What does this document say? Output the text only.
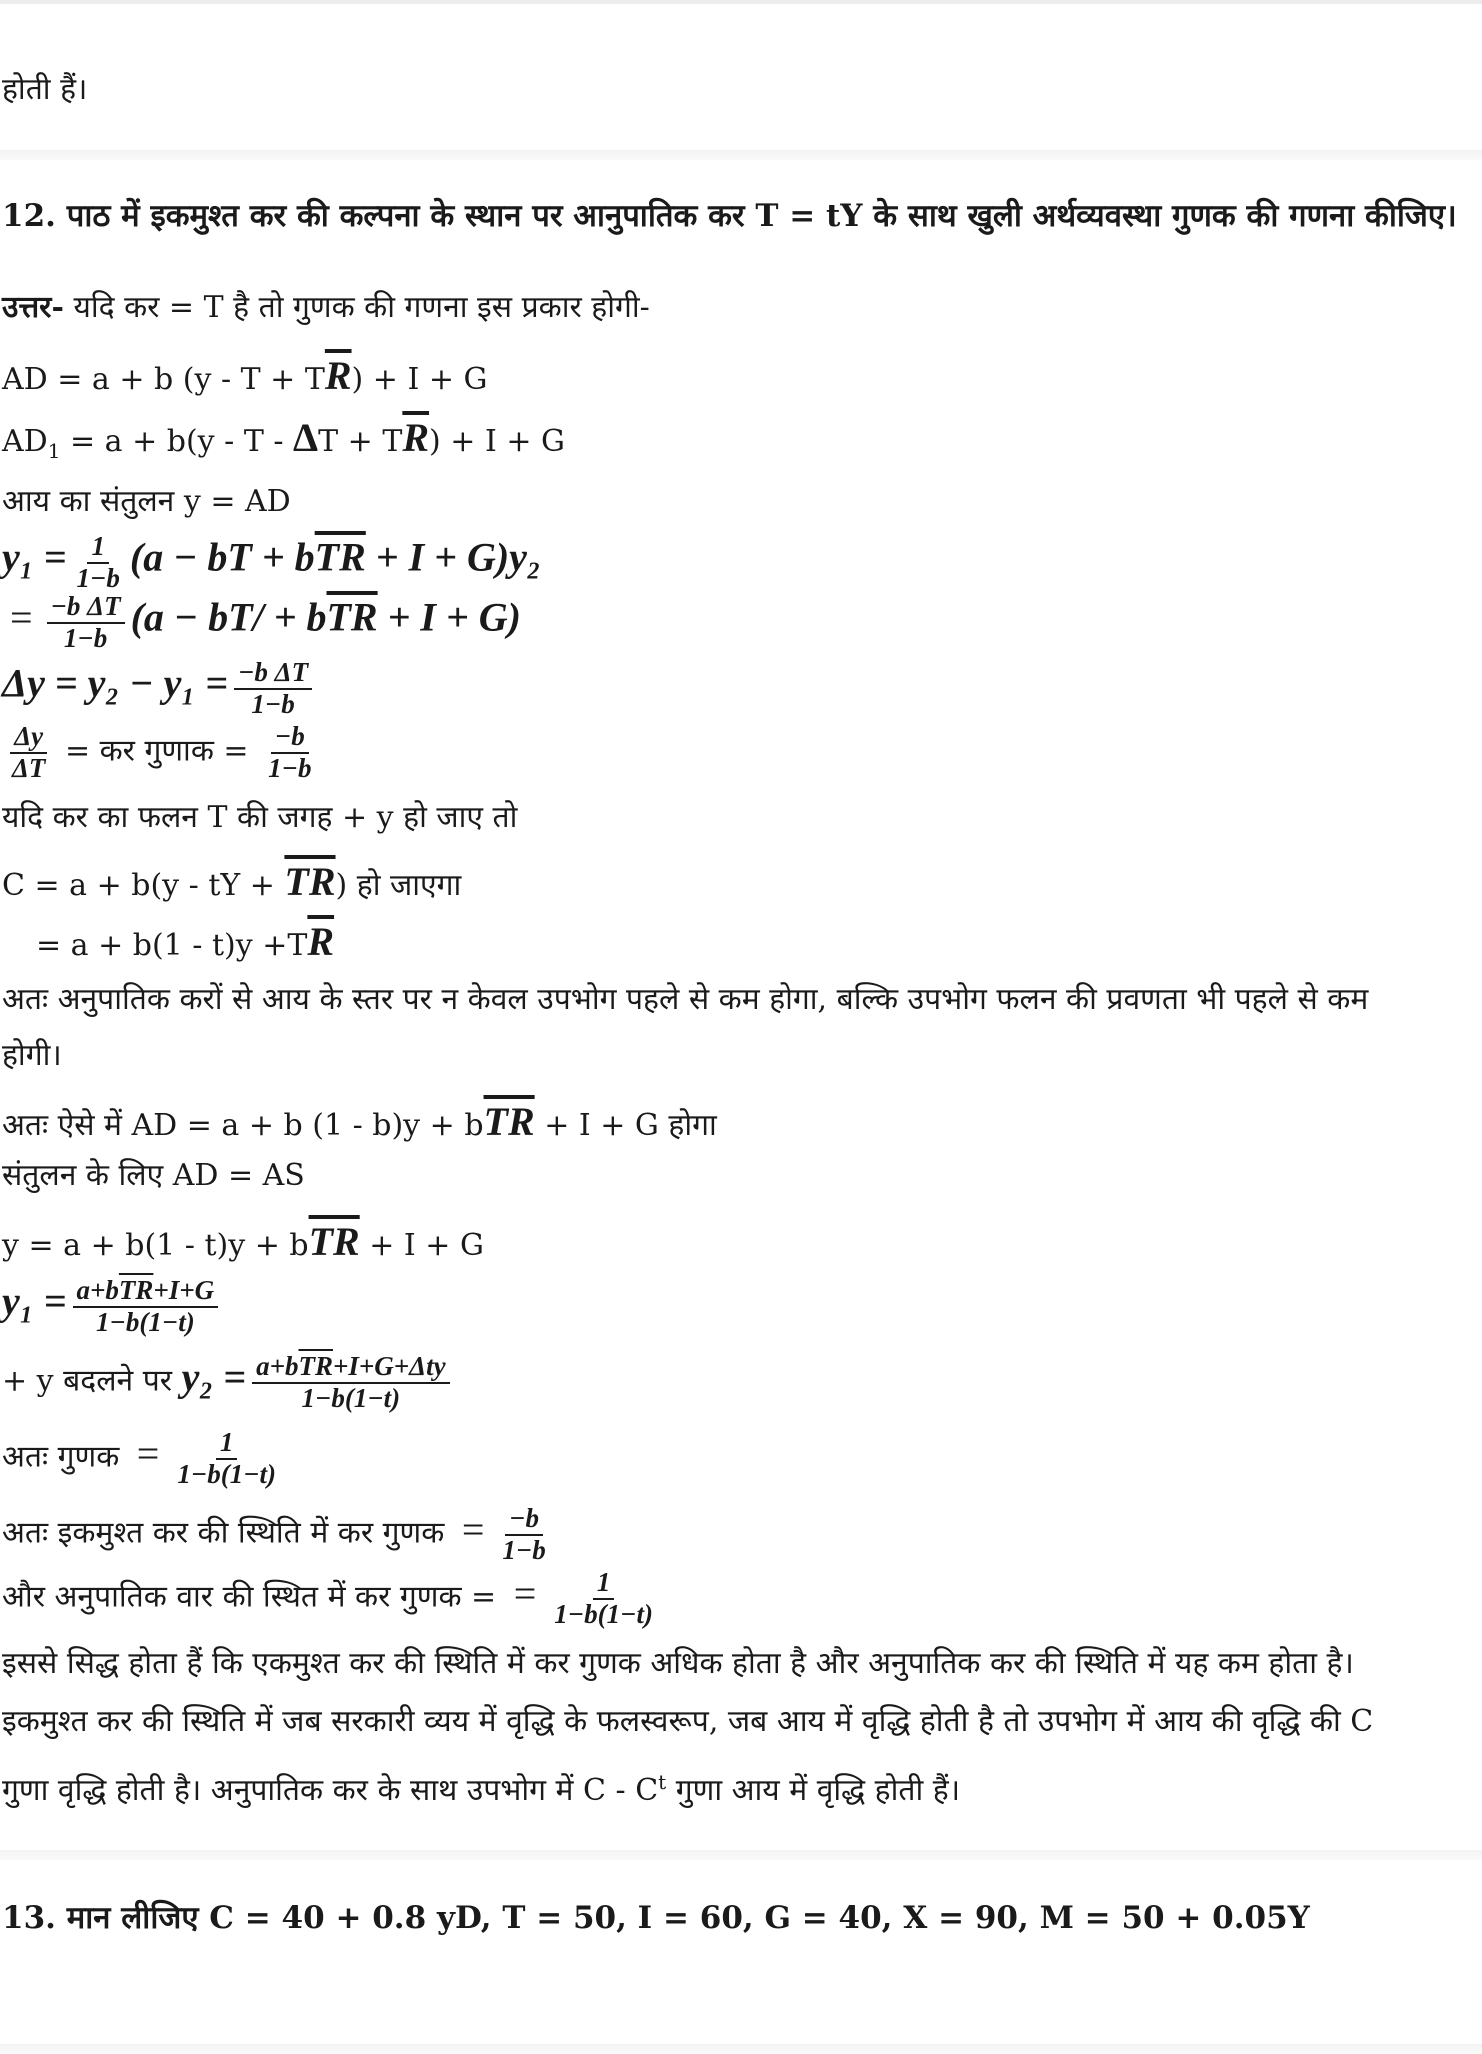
होती हैं।
12. पाठ में इकमुश्त कर की कल्पना के स्थान पर आनुपातिक कर T = tY के साथ खुली अर्थव्यवस्था गुणक की गणना कीजिए।
उत्तर- यदि कर = T है तो गुणक की गणना इस प्रकार होगी-
AD = a + b $(y - T + T\overline{R}) + I + G$
$AD_1 = a + b(y - T - \Delta T + T\overline{R}) + I + G$
आय का संतुलन y = AD
$y_1 = \frac{1}{1-b} (a$ − bT + $b\overline{TR} + I + G)y_2$
= $\frac{\text{−b ΔT}}{1-b} (a - bT/ + b\overline{TR} + I + G)$
$\Delta y = y_2 - y_1 = \frac{\text{−b ΔT}}{1-b}$
$\frac{\Delta y}{\Delta T}$ = कर गुणाक = $\frac{-b}{1-b}$
यदि कर का फलन T की जगह + y हो जाए तो
C = a + b(y - tY + $\overline{TR}$) हो जाएगा
= $a + b(1 - t)y +T\overline{R}$
अतः अनुपातिक करों से आय के स्तर पर न केवल उपभोग पहले से कम होगा, बल्कि उपभोग फलन की प्रवणता भी पहले से कम
होगी।
अतः ऐसे में AD = a + b $(1 - b)y + b\overline{TR} + I + G$ होगा
संतुलन के लिए AD = AS
$y = a + b(1 - t)y + b\overline{TR} + I + G$
$y_1 = \frac{a+b\overline{TR}+I+G}{1-b(1-t)}$
+ y बदलने पर $y_2 = \frac{a+b\overline{TR}+I+G+\Delta ty}{1-b(1-t)}$
अतः गुणक = $\frac{1}{1-b(1-t)}$
अतः इकमुश्त कर की स्थिति में कर गुणक = $\frac{-b}{1-b}$
और अनुपातिक वार की स्थित में कर गुणक = = $\frac{1}{1-b(1-t)}$
इससे सिद्ध होता हैं कि एकमुश्त कर की स्थिति में कर गुणक अधिक होता है और अनुपातिक कर की स्थिति में यह कम होता है।
इकमुश्त कर की स्थिति में जब सरकारी व्यय में वृद्धि के फलस्वरूप, जब आय में वृद्धि होती है तो उपभोग में आय की वृद्धि की C
गुणा वृद्धि होती है। अनुपातिक कर के साथ उपभोग में C - $C^t$ गुणा आय में वृद्धि होती हैं।
13. मान लीजिए C = 40 + 0.8 yD, T = 50, I = 60, G = 40, X = 90, M = 50 + 0.05Y
